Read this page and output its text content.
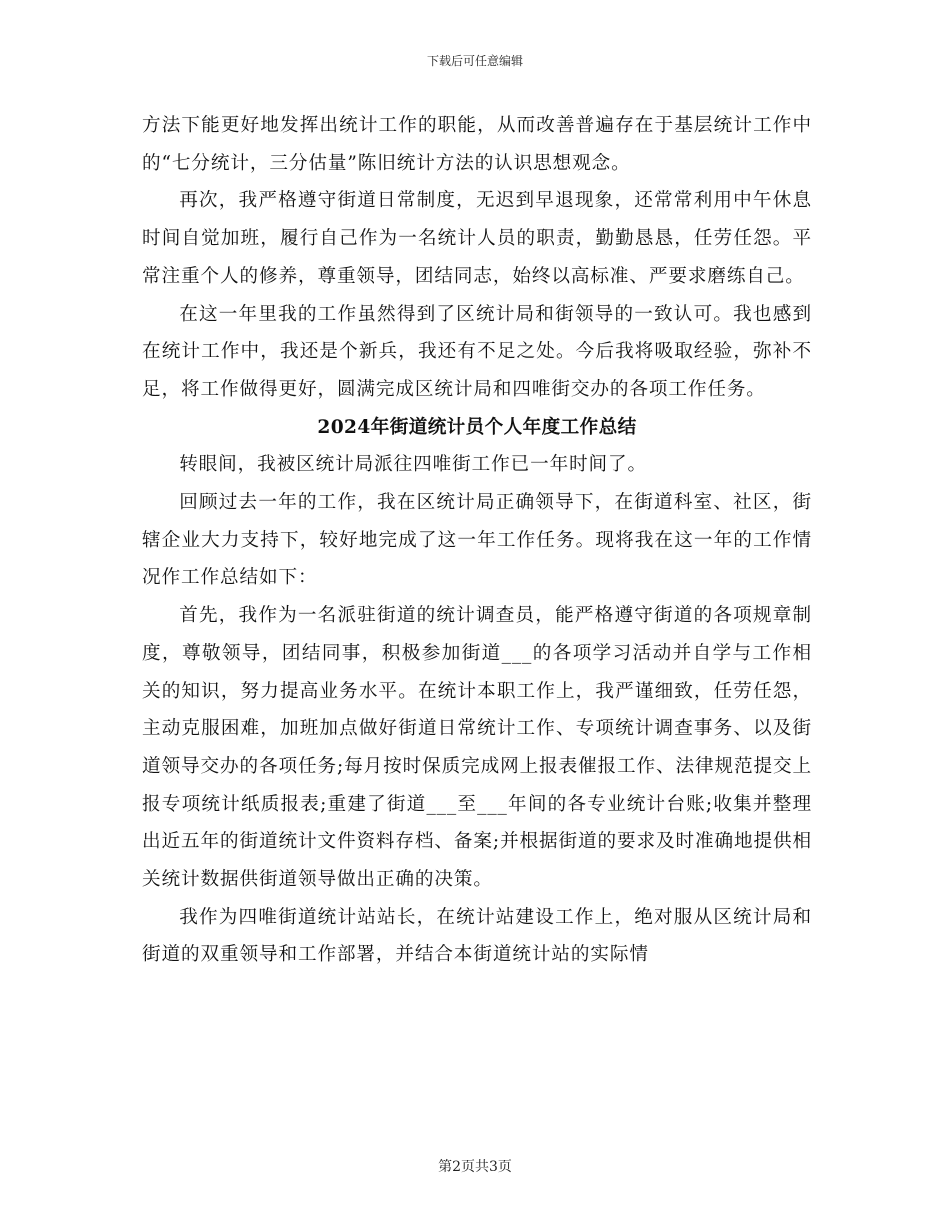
下载后可任意编辑

方法下能更好地发挥出统计工作的职能，从而改善普遍存在于基层统计工作中的“七分统计，三分估量”陈旧统计方法的认识思想观念。

再次，我严格遵守街道日常制度，无迟到早退现象，还常常利用中午休息时间自觉加班，履行自己作为一名统计人员的职责，勤勤恳恳，任劳任怨。平常注重个人的修养，尊重领导，团结同志，始终以高标准、严要求磨练自己。

在这一年里我的工作虽然得到了区统计局和街领导的一致认可。我也感到在统计工作中，我还是个新兵，我还有不足之处。今后我将吸取经验，弥补不足，将工作做得更好，圆满完成区统计局和四唯街交办的各项工作任务。

2024年街道统计员个人年度工作总结

转眼间，我被区统计局派往四唯街工作已一年时间了。

回顾过去一年的工作，我在区统计局正确领导下，在街道科室、社区，街辖企业大力支持下，较好地完成了这一年工作任务。现将我在这一年的工作情况作工作总结如下：

首先，我作为一名派驻街道的统计调查员，能严格遵守街道的各项规章制度，尊敬领导，团结同事，积极参加街道___的各项学习活动并自学与工作相关的知识，努力提高业务水平。在统计本职工作上，我严谨细致，任劳任怨，主动克服困难，加班加点做好街道日常统计工作、专项统计调查事务、以及街道领导交办的各项任务;每月按时保质完成网上报表催报工作、法律规范提交上报专项统计纸质报表;重建了街道___至___年间的各专业统计台账;收集并整理出近五年的街道统计文件资料存档、备案;并根据街道的要求及时准确地提供相关统计数据供街道领导做出正确的决策。

我作为四唯街道统计站站长，在统计站建设工作上，绝对服从区统计局和街道的双重领导和工作部署，并结合本街道统计站的实际情

第2页共3页
